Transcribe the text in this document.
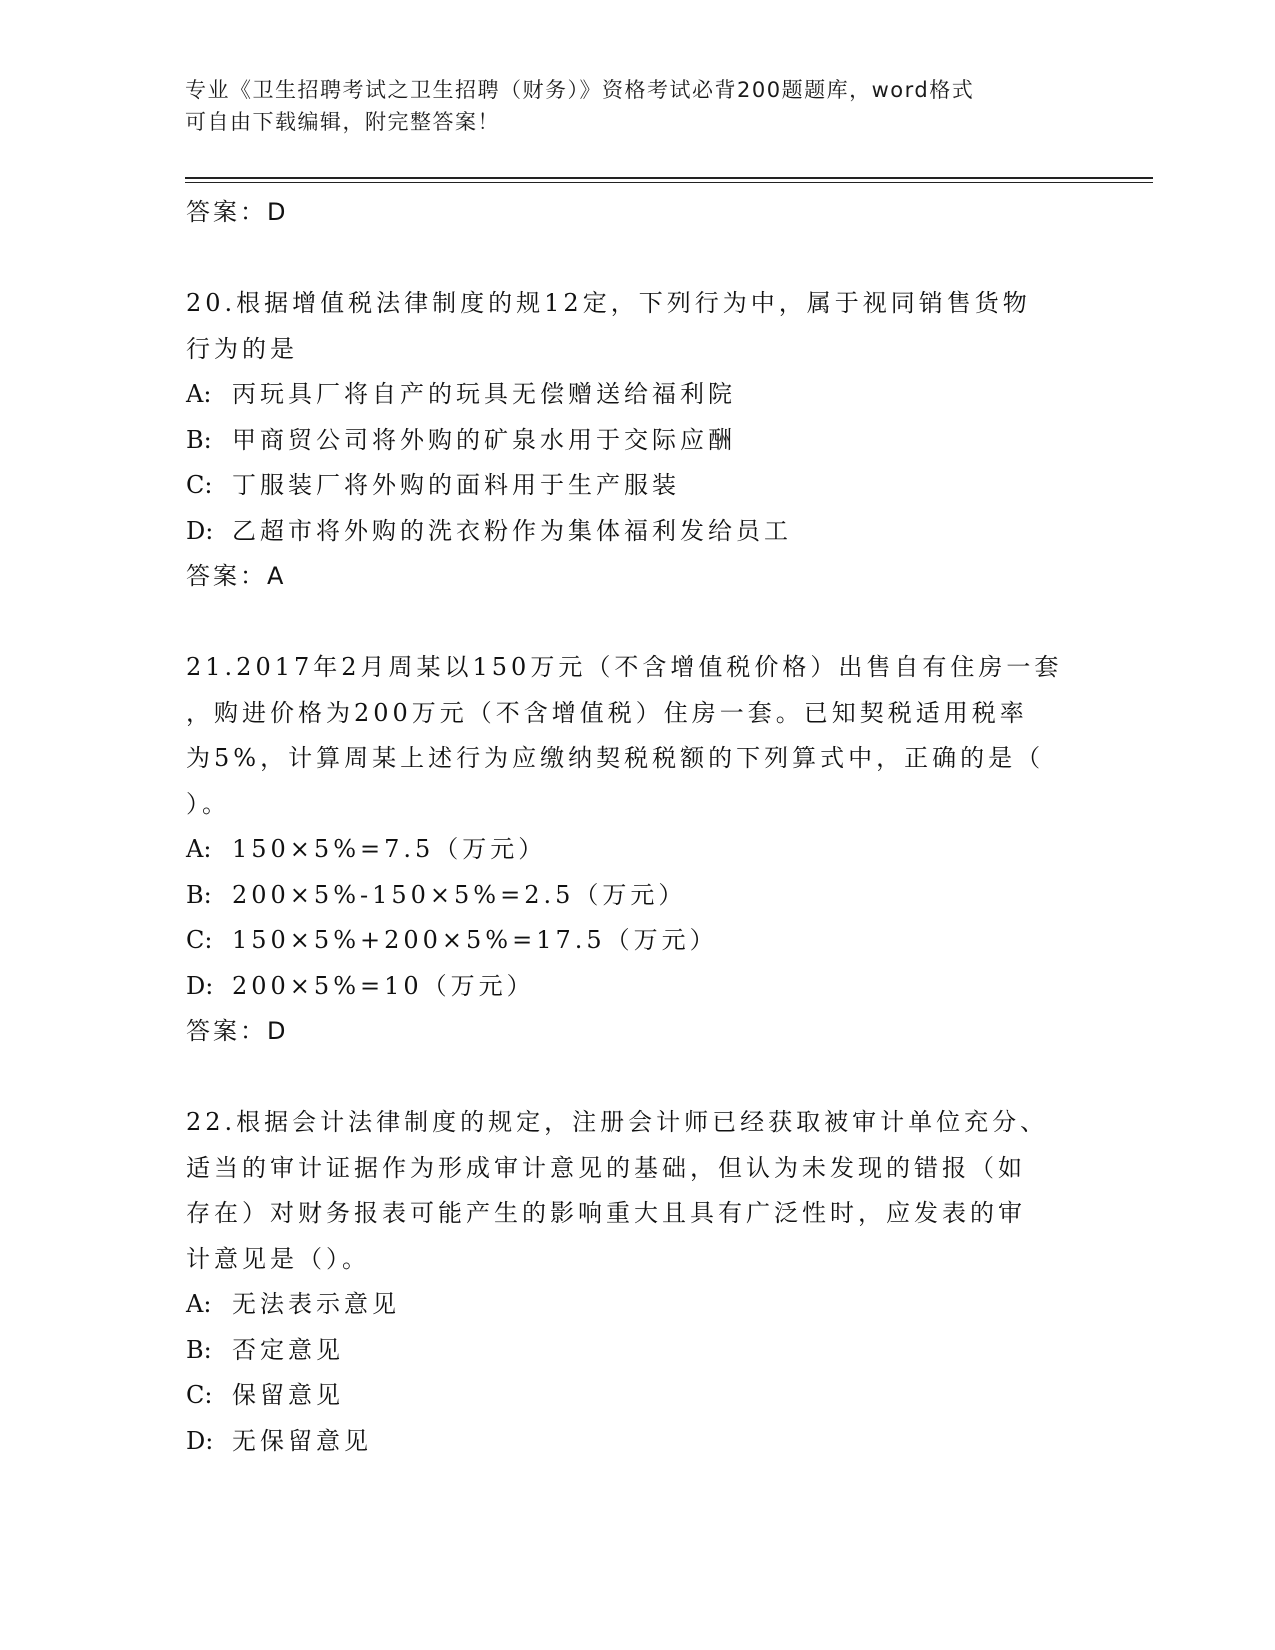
专业《卫生招聘考试之卫生招聘（财务）》资格考试必背200题题库，word格式
可自由下载编辑，附完整答案！
答案：D
20.根据增值税法律制度的规12定，下列行为中，属于视同销售货物
行为的是
A: 丙玩具厂将自产的玩具无偿赠送给福利院
B: 甲商贸公司将外购的矿泉水用于交际应酬
C: 丁服装厂将外购的面料用于生产服装
D: 乙超市将外购的洗衣粉作为集体福利发给员工
答案：A
21.2017年2月周某以150万元（不含增值税价格）出售自有住房一套
，购进价格为200万元（不含增值税）住房一套。已知契税适用税率
为5%，计算周某上述行为应缴纳契税税额的下列算式中，正确的是（
）。
A: 150×5%=7.5（万元）
B: 200×5%-150×5%=2.5（万元）
C: 150×5%+200×5%=17.5（万元）
D: 200×5%=10（万元）
答案：D
22.根据会计法律制度的规定，注册会计师已经获取被审计单位充分、
适当的审计证据作为形成审计意见的基础，但认为未发现的错报（如
存在）对财务报表可能产生的影响重大且具有广泛性时，应发表的审
计意见是（）。
A: 无法表示意见
B: 否定意见
C: 保留意见
D: 无保留意见
